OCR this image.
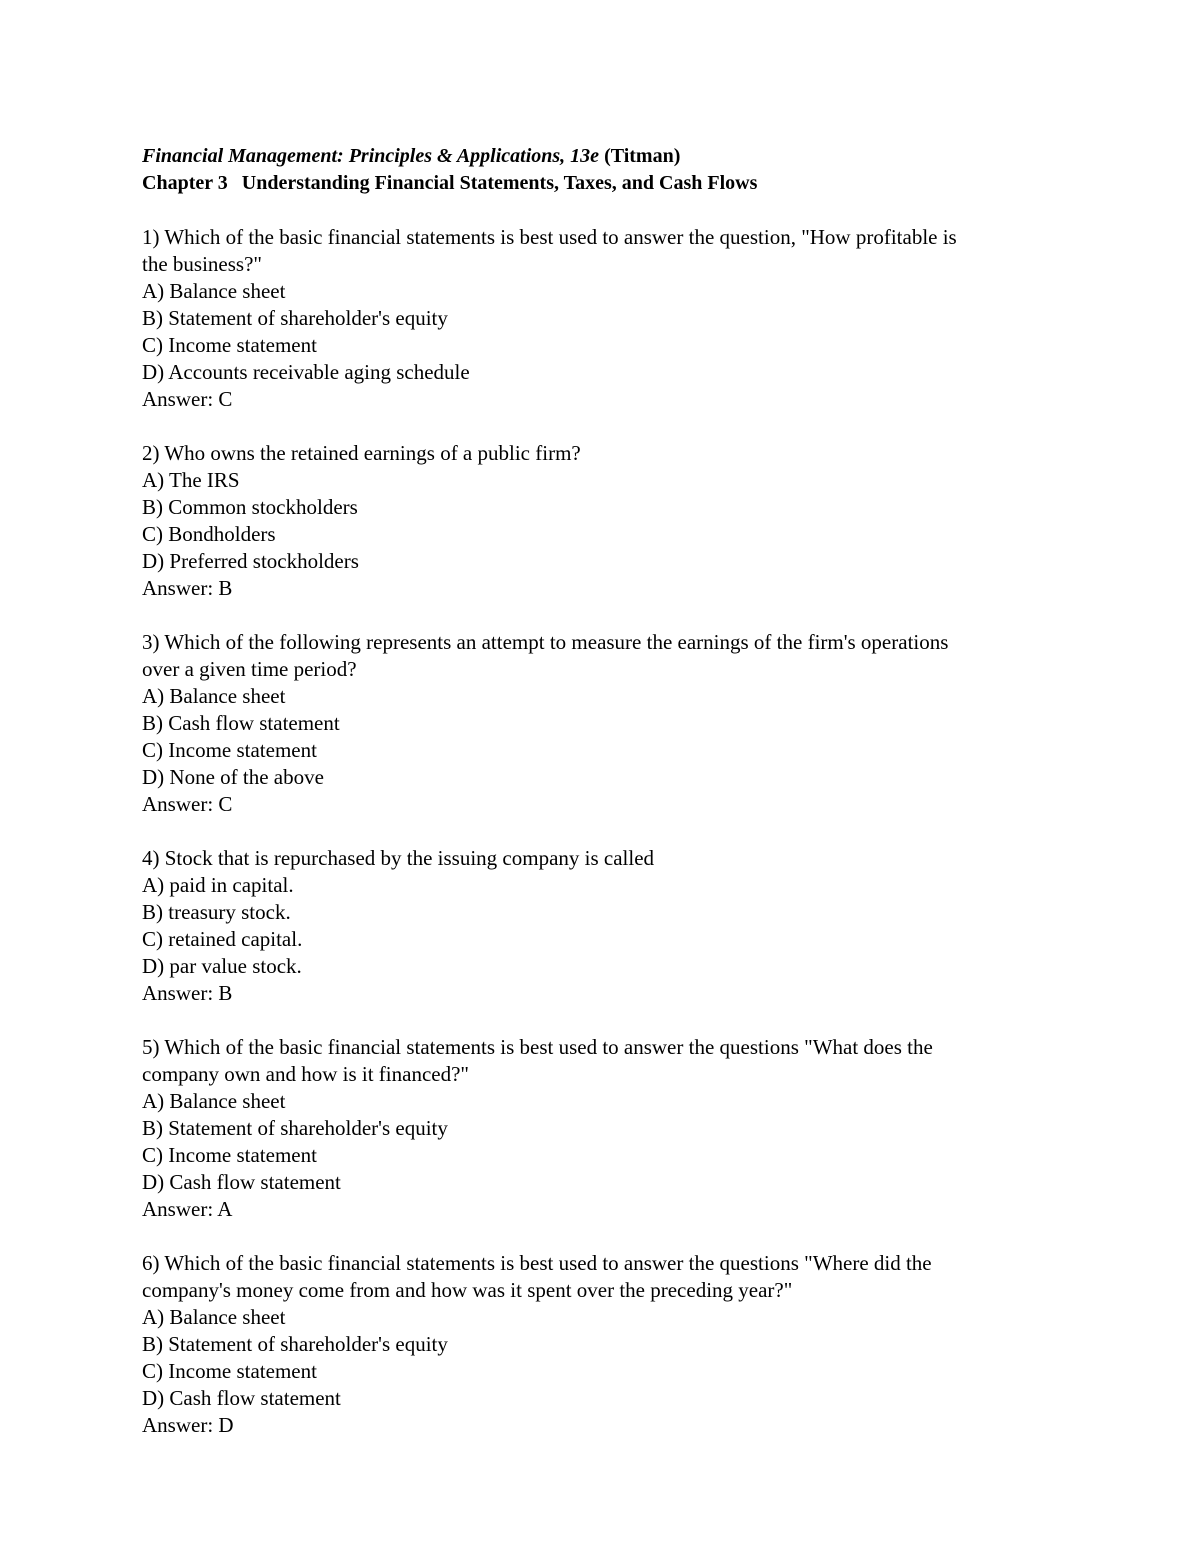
Financial Management: Principles & Applications, 13e (Titman)
Chapter 3 Understanding Financial Statements, Taxes, and Cash Flows
1) Which of the basic financial statements is best used to answer the question, "How profitable is
the business?"
A) Balance sheet
B) Statement of shareholder's equity
C) Income statement
D) Accounts receivable aging schedule
Answer: C
2) Who owns the retained earnings of a public firm?
A) The IRS
B) Common stockholders
C) Bondholders
D) Preferred stockholders
Answer: B
3) Which of the following represents an attempt to measure the earnings of the firm's operations
over a given time period?
A) Balance sheet
B) Cash flow statement
C) Income statement
D) None of the above
Answer: C
4) Stock that is repurchased by the issuing company is called
A) paid in capital.
B) treasury stock.
C) retained capital.
D) par value stock.
Answer: B
5) Which of the basic financial statements is best used to answer the questions "What does the
company own and how is it financed?"
A) Balance sheet
B) Statement of shareholder's equity
C) Income statement
D) Cash flow statement
Answer: A
6) Which of the basic financial statements is best used to answer the questions "Where did the
company's money come from and how was it spent over the preceding year?"
A) Balance sheet
B) Statement of shareholder's equity
C) Income statement
D) Cash flow statement
Answer: D
